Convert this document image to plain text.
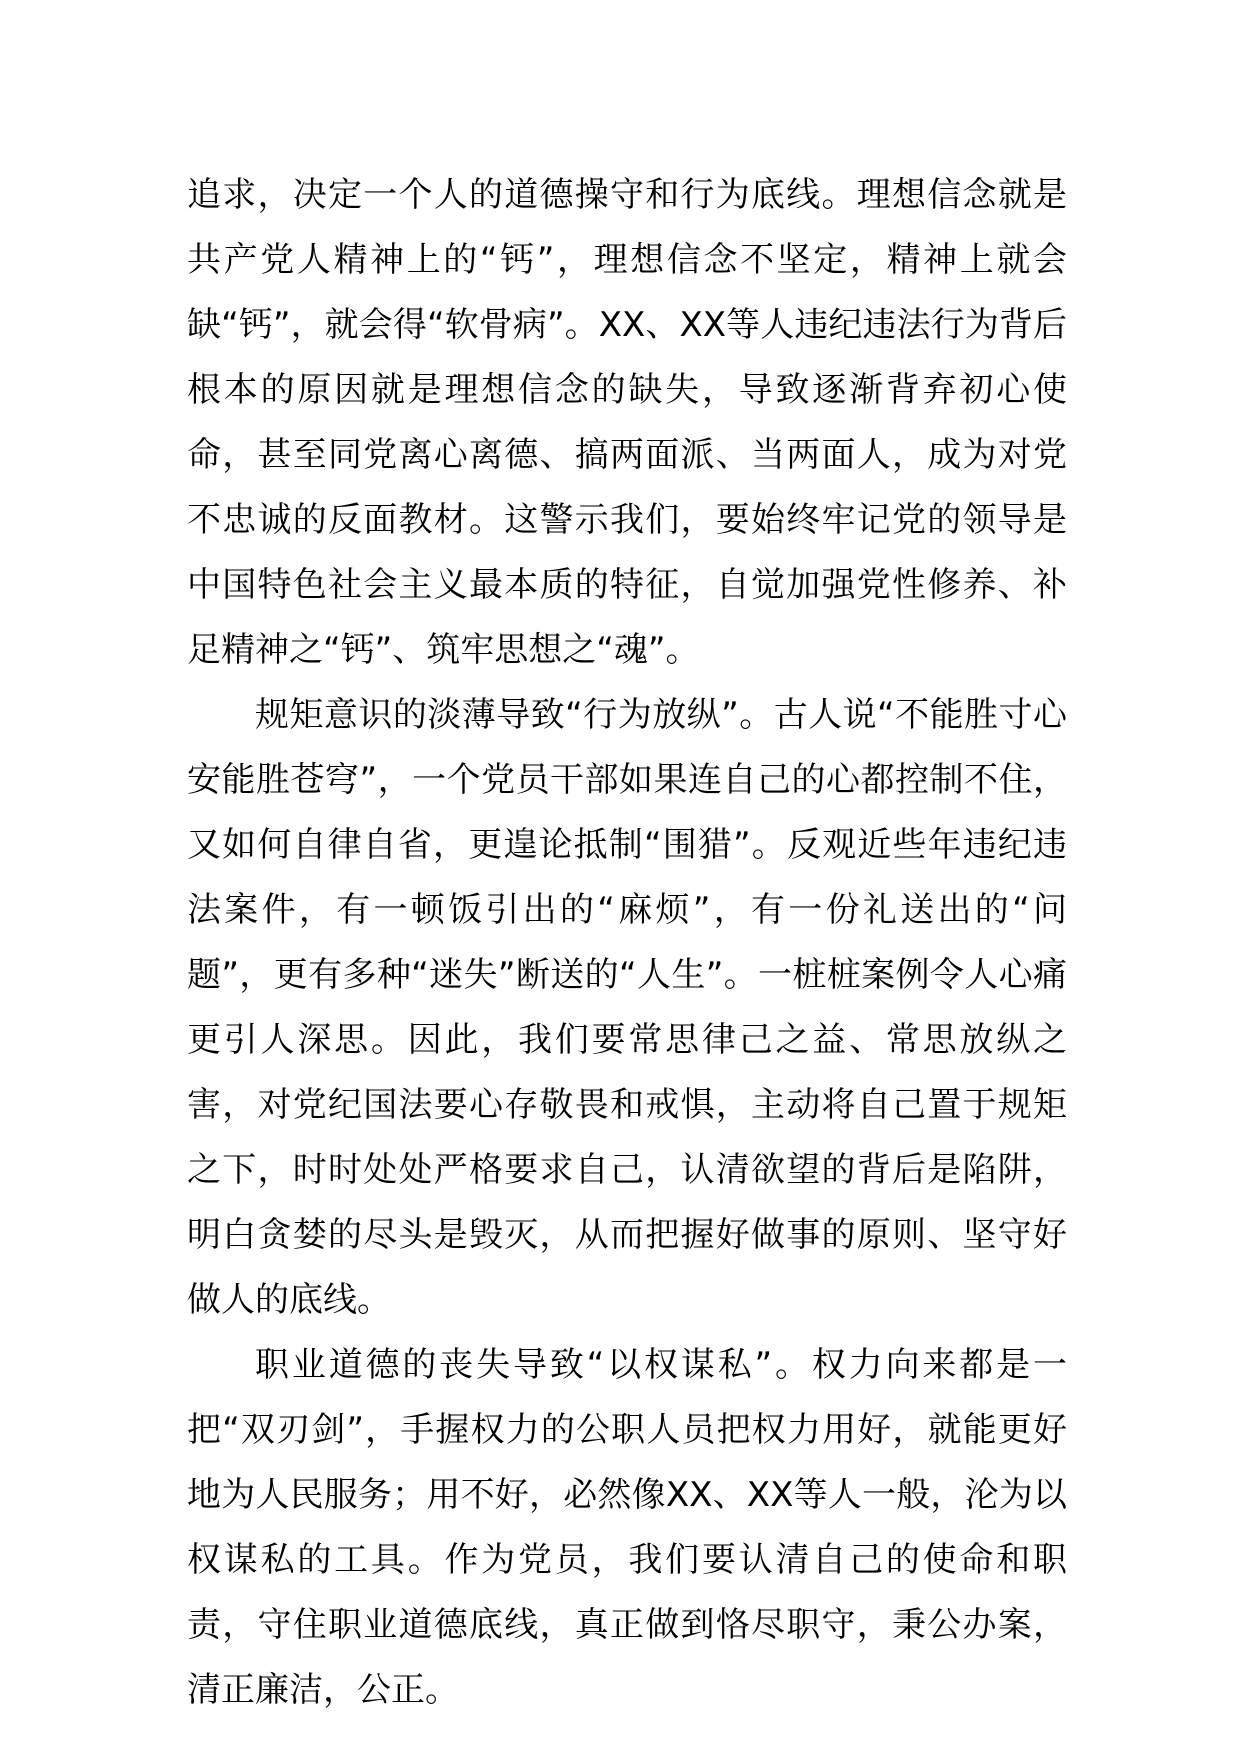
追求，决定一个人的道德操守和行为底线。理想信念就是共产党人精神上的“钙”，理想信念不坚定，精神上就会缺“钙”，就会得“软骨病”。XX、XX等人违纪违法行为背后根本的原因就是理想信念的缺失，导致逐渐背弃初心使命，甚至同党离心离德、搞两面派、当两面人，成为对党不忠诚的反面教材。这警示我们，要始终牢记党的领导是中国特色社会主义最本质的特征，自觉加强党性修养、补足精神之“钙”、筑牢思想之“魂”。

规矩意识的淡薄导致“行为放纵”。古人说“不能胜寸心安能胜苍穹”，一个党员干部如果连自己的心都控制不住，又如何自律自省，更遑论抵制“围猎”。反观近些年违纪违法案件，有一顿饭引出的“麻烦”，有一份礼送出的“问题”，更有多种“迷失”断送的“人生”。一桩桩案例令人心痛更引人深思。因此，我们要常思律己之益、常思放纵之害，对党纪国法要心存敬畏和戒惧，主动将自己置于规矩之下，时时处处严格要求自己，认清欲望的背后是陷阱，明白贪婪的尽头是毁灭，从而把握好做事的原则、坚守好做人的底线。

职业道德的丧失导致“以权谋私”。权力向来都是一把“双刃剑”，手握权力的公职人员把权力用好，就能更好地为人民服务；用不好，必然像XX、XX等人一般，沦为以权谋私的工具。作为党员，我们要认清自己的使命和职责，守住职业道德底线，真正做到恪尽职守，秉公办案，清正廉洁，公正。
